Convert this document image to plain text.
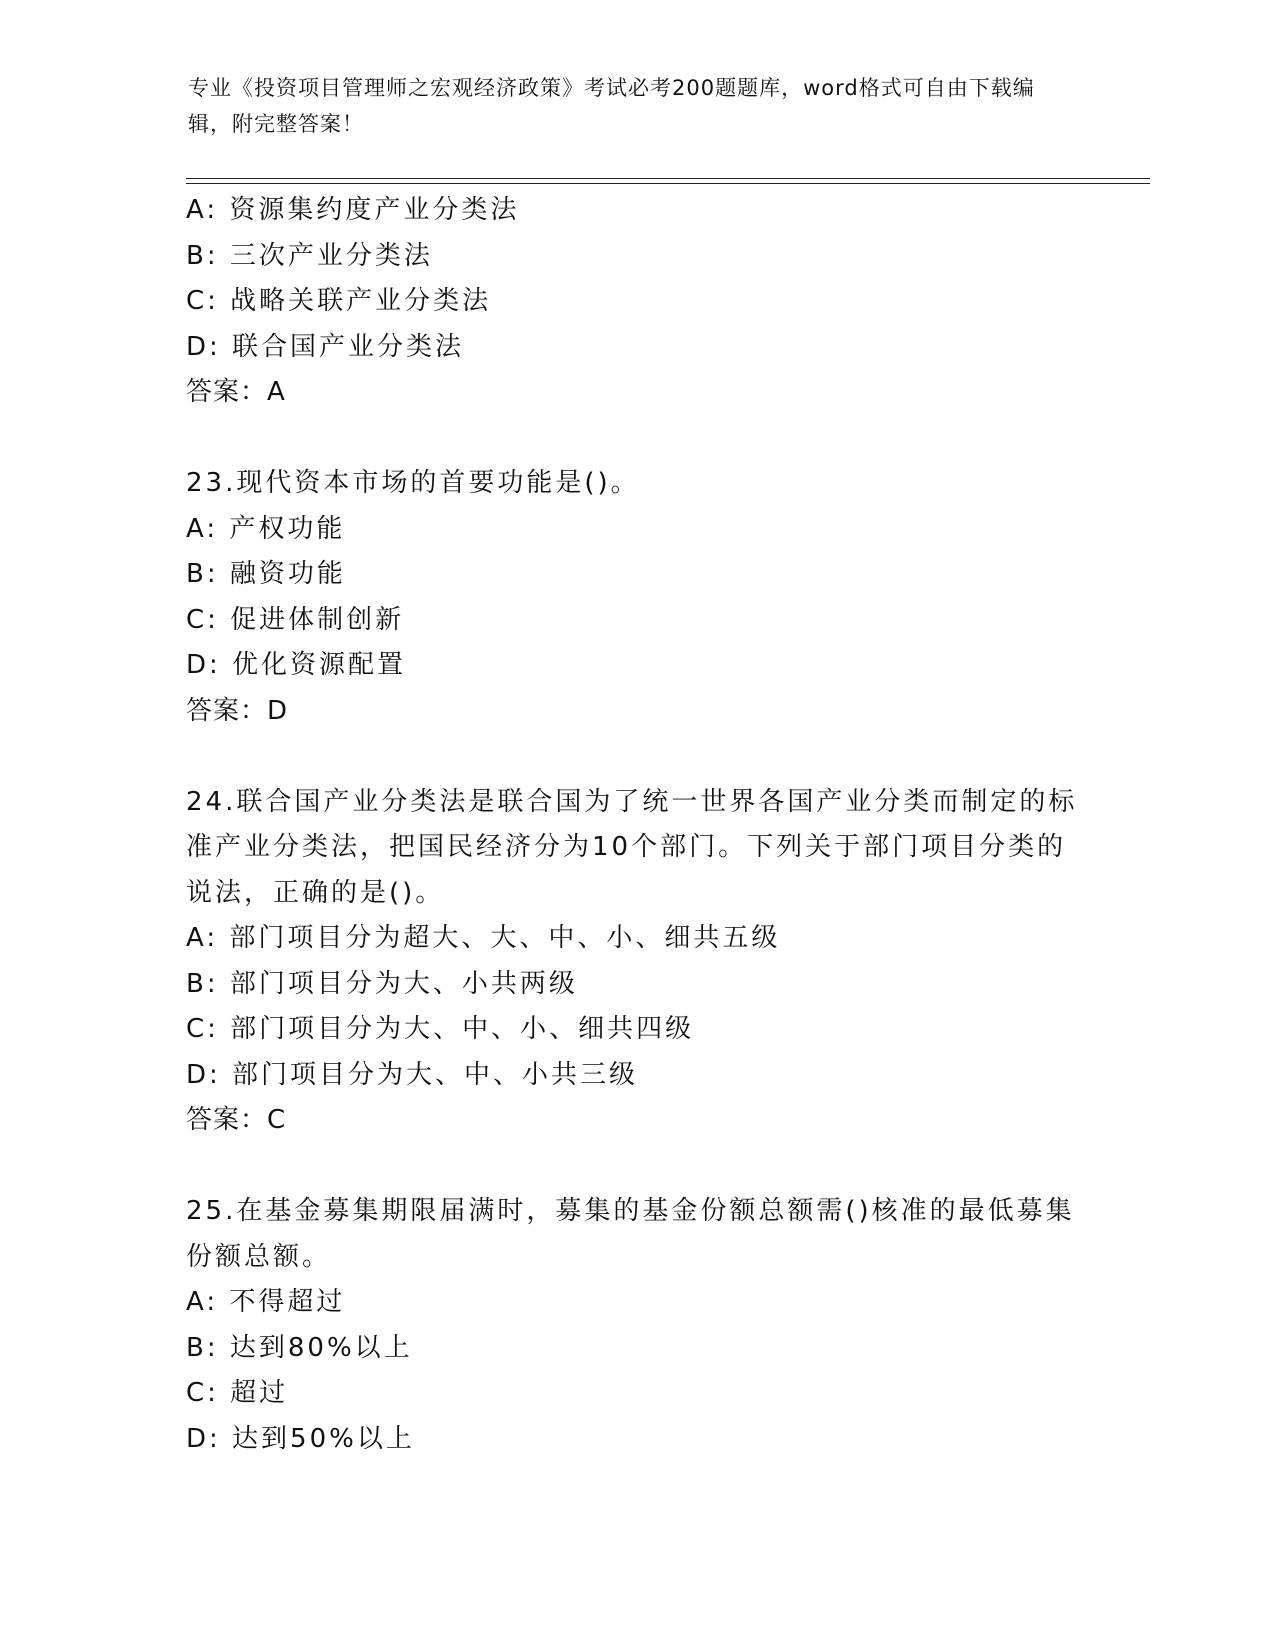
专业《投资项目管理师之宏观经济政策》考试必考200题题库，word格式可自由下载编辑，附完整答案！
A: 资源集约度产业分类法
B: 三次产业分类法
C: 战略关联产业分类法
D: 联合国产业分类法
答案：A
23.现代资本市场的首要功能是()。
A: 产权功能
B: 融资功能
C: 促进体制创新
D: 优化资源配置
答案：D
24.联合国产业分类法是联合国为了统一世界各国产业分类而制定的标
准产业分类法，把国民经济分为10个部门。下列关于部门项目分类的
说法，正确的是()。
A: 部门项目分为超大、大、中、小、细共五级
B: 部门项目分为大、小共两级
C: 部门项目分为大、中、小、细共四级
D: 部门项目分为大、中、小共三级
答案：C
25.在基金募集期限届满时，募集的基金份额总额需()核准的最低募集
份额总额。
A: 不得超过
B: 达到80%以上
C: 超过
D: 达到50%以上
